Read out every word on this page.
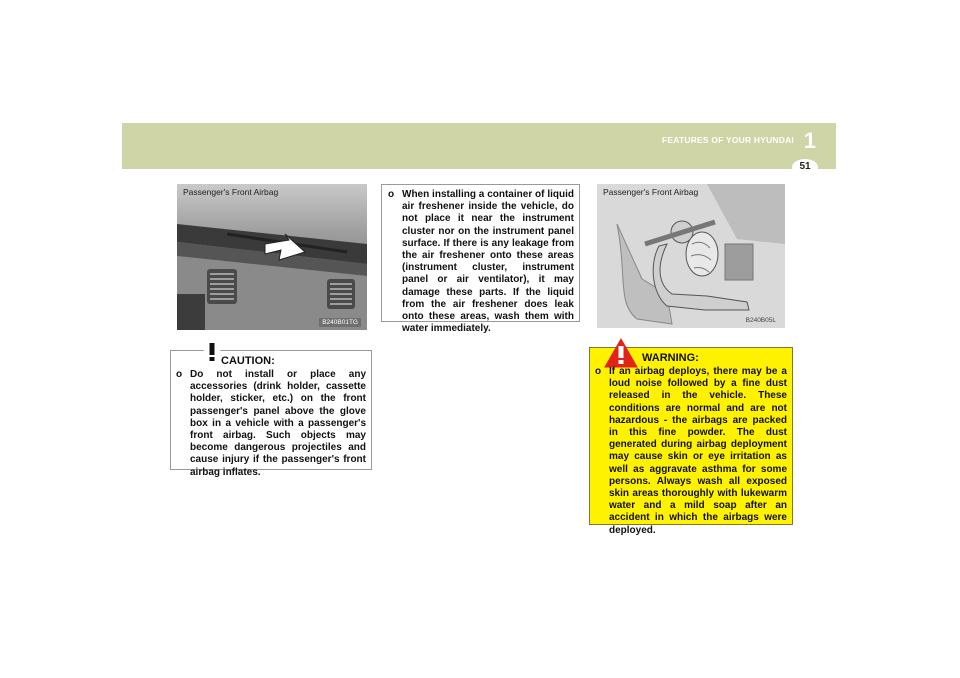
FEATURES OF YOUR HYUNDAI 1
51
Passenger's Front Airbag
B240B01TG
CAUTION:
o Do not install or place any accessories (drink holder, cassette holder, sticker, etc.) on the front passenger's panel above the glove box in a vehicle with a passenger's front airbag. Such objects may become dangerous projectiles and cause injury if the passenger's front airbag inflates.
o When installing a container of liquid air freshener inside the vehicle, do not place it near the instrument cluster nor on the instrument panel surface. If there is any leakage from the air freshener onto these areas (instrument cluster, instrument panel or air ventilator), it may damage these parts. If the liquid from the air freshener does leak onto these areas, wash them with water immediately.
Passenger's Front Airbag
B240B05L
WARNING:
o If an airbag deploys, there may be a loud noise followed by a fine dust released in the vehicle. These conditions are normal and are not hazardous - the airbags are packed in this fine powder. The dust generated during airbag deployment may cause skin or eye irritation as well as aggravate asthma for some persons. Always wash all exposed skin areas thoroughly with lukewarm water and a mild soap after an accident in which the airbags were deployed.
